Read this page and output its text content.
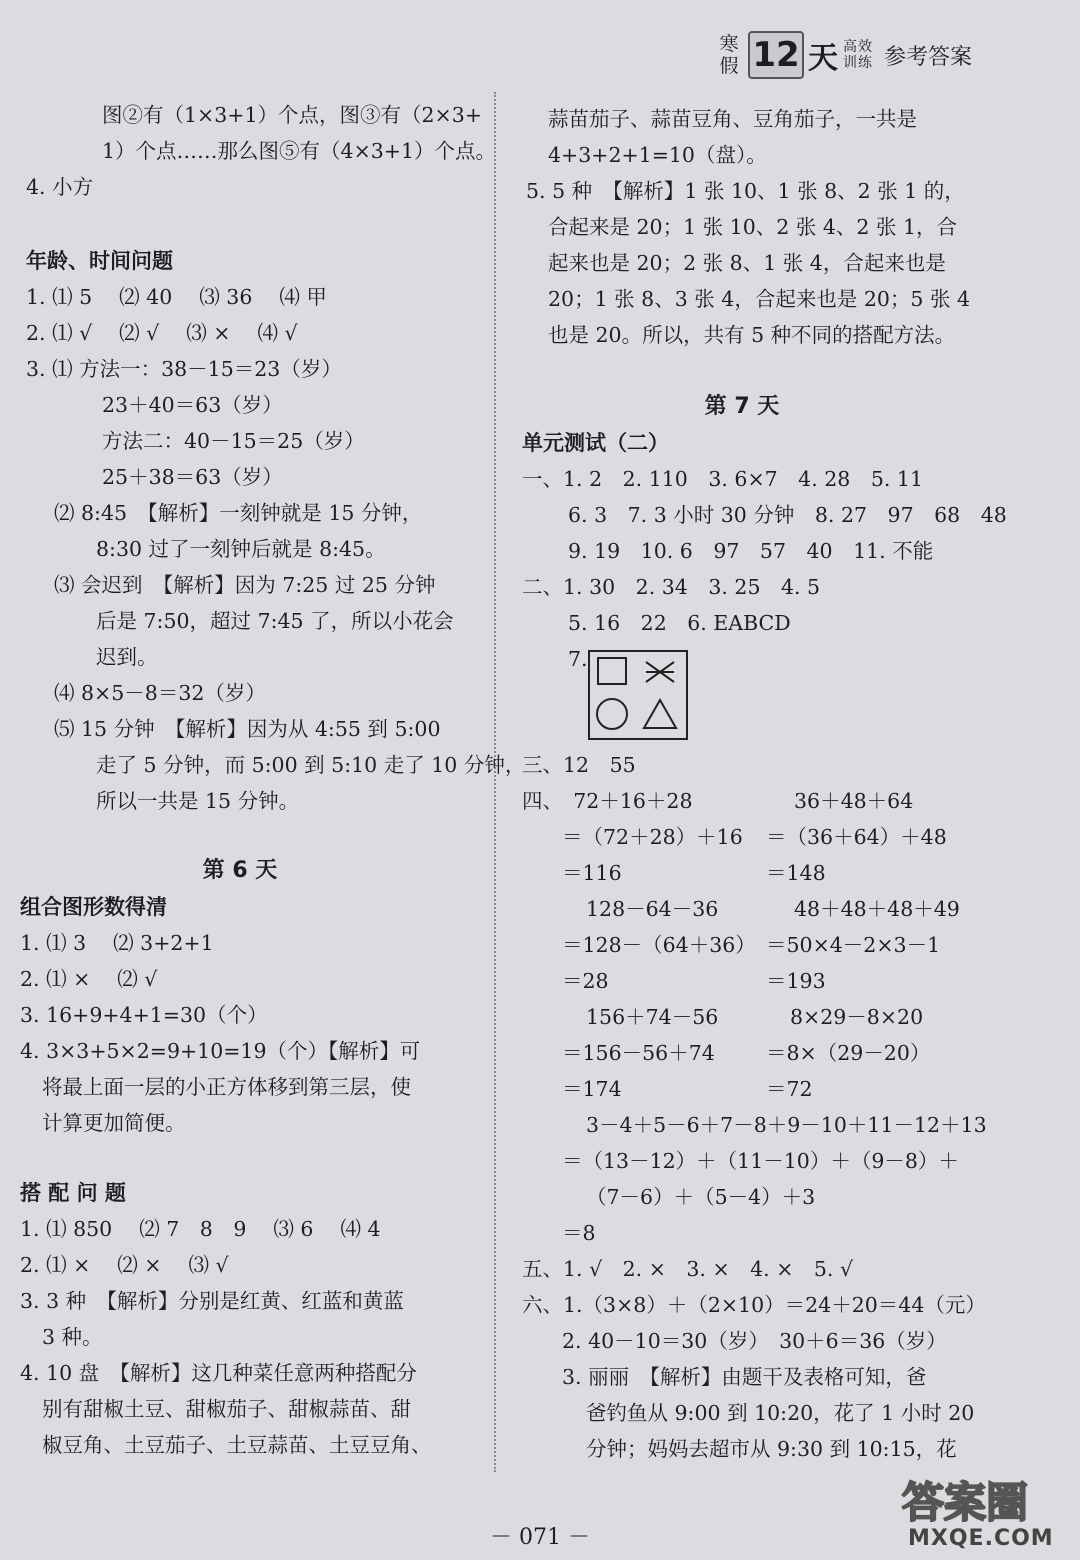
寒假 12 天 高效训练 参考答案
图②有（1×3+1）个点，图③有（2×3+
1）个点……那么图⑤有（4×3+1）个点。
4. 小方
年龄、时间问题
1. ⑴ 5　 ⑵ 40　 ⑶ 36　 ⑷ 甲
2. ⑴ √　 ⑵ √　 ⑶ ×　 ⑷ √
3. ⑴ 方法一：38－15＝23（岁）
23＋40＝63（岁）
方法二：40－15＝25（岁）
25＋38＝63（岁）
⑵ 8:45　【解析】一刻钟就是 15 分钟，
8:30 过了一刻钟后就是 8:45。
⑶ 会迟到　【解析】因为 7:25 过 25 分钟
后是 7:50，超过 7:45 了，所以小花会
迟到。
⑷ 8×5－8＝32（岁）
⑸ 15 分钟　【解析】因为从 4:55 到 5:00
走了 5 分钟，而 5:00 到 5:10 走了 10 分钟，
所以一共是 15 分钟。
第 6 天
组合图形数得清
1. ⑴ 3　 ⑵ 3+2+1
2. ⑴ ×　 ⑵ √
3. 16+9+4+1=30（个）
4. 3×3+5×2=9+10=19（个）【解析】可
将最上面一层的小正方体移到第三层，使
计算更加简便。
搭 配 问 题
1. ⑴ 850　 ⑵ 7　8　9　 ⑶ 6　 ⑷ 4
2. ⑴ ×　 ⑵ ×　 ⑶ √
3. 3 种　【解析】分别是红黄、红蓝和黄蓝
3 种。
4. 10 盘　【解析】这几种菜任意两种搭配分
别有甜椒土豆、甜椒茄子、甜椒蒜苗、甜
椒豆角、土豆茄子、土豆蒜苗、土豆豆角、
蒜苗茄子、蒜苗豆角、豆角茄子，一共是
4+3+2+1=10（盘）。
5. 5 种　【解析】1 张 10、1 张 8、2 张 1 的，
合起来是 20；1 张 10、2 张 4、2 张 1，合
起来也是 20；2 张 8、1 张 4，合起来也是
20；1 张 8、3 张 4，合起来也是 20；5 张 4
也是 20。所以，共有 5 种不同的搭配方法。
第 7 天
单元测试（二）
一、1. 2　2. 110　3. 6×7　4. 28　5. 11
6. 3　7. 3 小时 30 分钟　8. 27　97　68　48
9. 19　10. 6　97　57　40　11. 不能
二、1. 30　2. 34　3. 25　4. 5
5. 16　22　6. EABCD
7.
三、12　55
四、　72＋16＋28
＝（72＋28）＋16
＝116
128－64－36
＝128－（64＋36）
＝28
156＋74－56
＝156－56＋74
＝174
36＋48＋64
＝（36＋64）＋48
＝148
48＋48＋48＋49
＝50×4－2×3－1
＝193
8×29－8×20
＝8×（29－20）
＝72
3－4＋5－6＋7－8＋9－10＋11－12＋13
＝（13－12）＋（11－10）＋（9－8）＋
（7－6）＋（5－4）＋3
＝8
五、1. √　2. ×　3. ×　4. ×　5. √
六、1.（3×8）＋（2×10）＝24＋20＝44（元）
2. 40－10＝30（岁）　30＋6＝36（岁）
3. 丽丽　【解析】由题干及表格可知，爸
爸钓鱼从 9:00 到 10:20，花了 1 小时 20
分钟；妈妈去超市从 9:30 到 10:15，花
－ 071 －
答案圈
MXQE.COM
